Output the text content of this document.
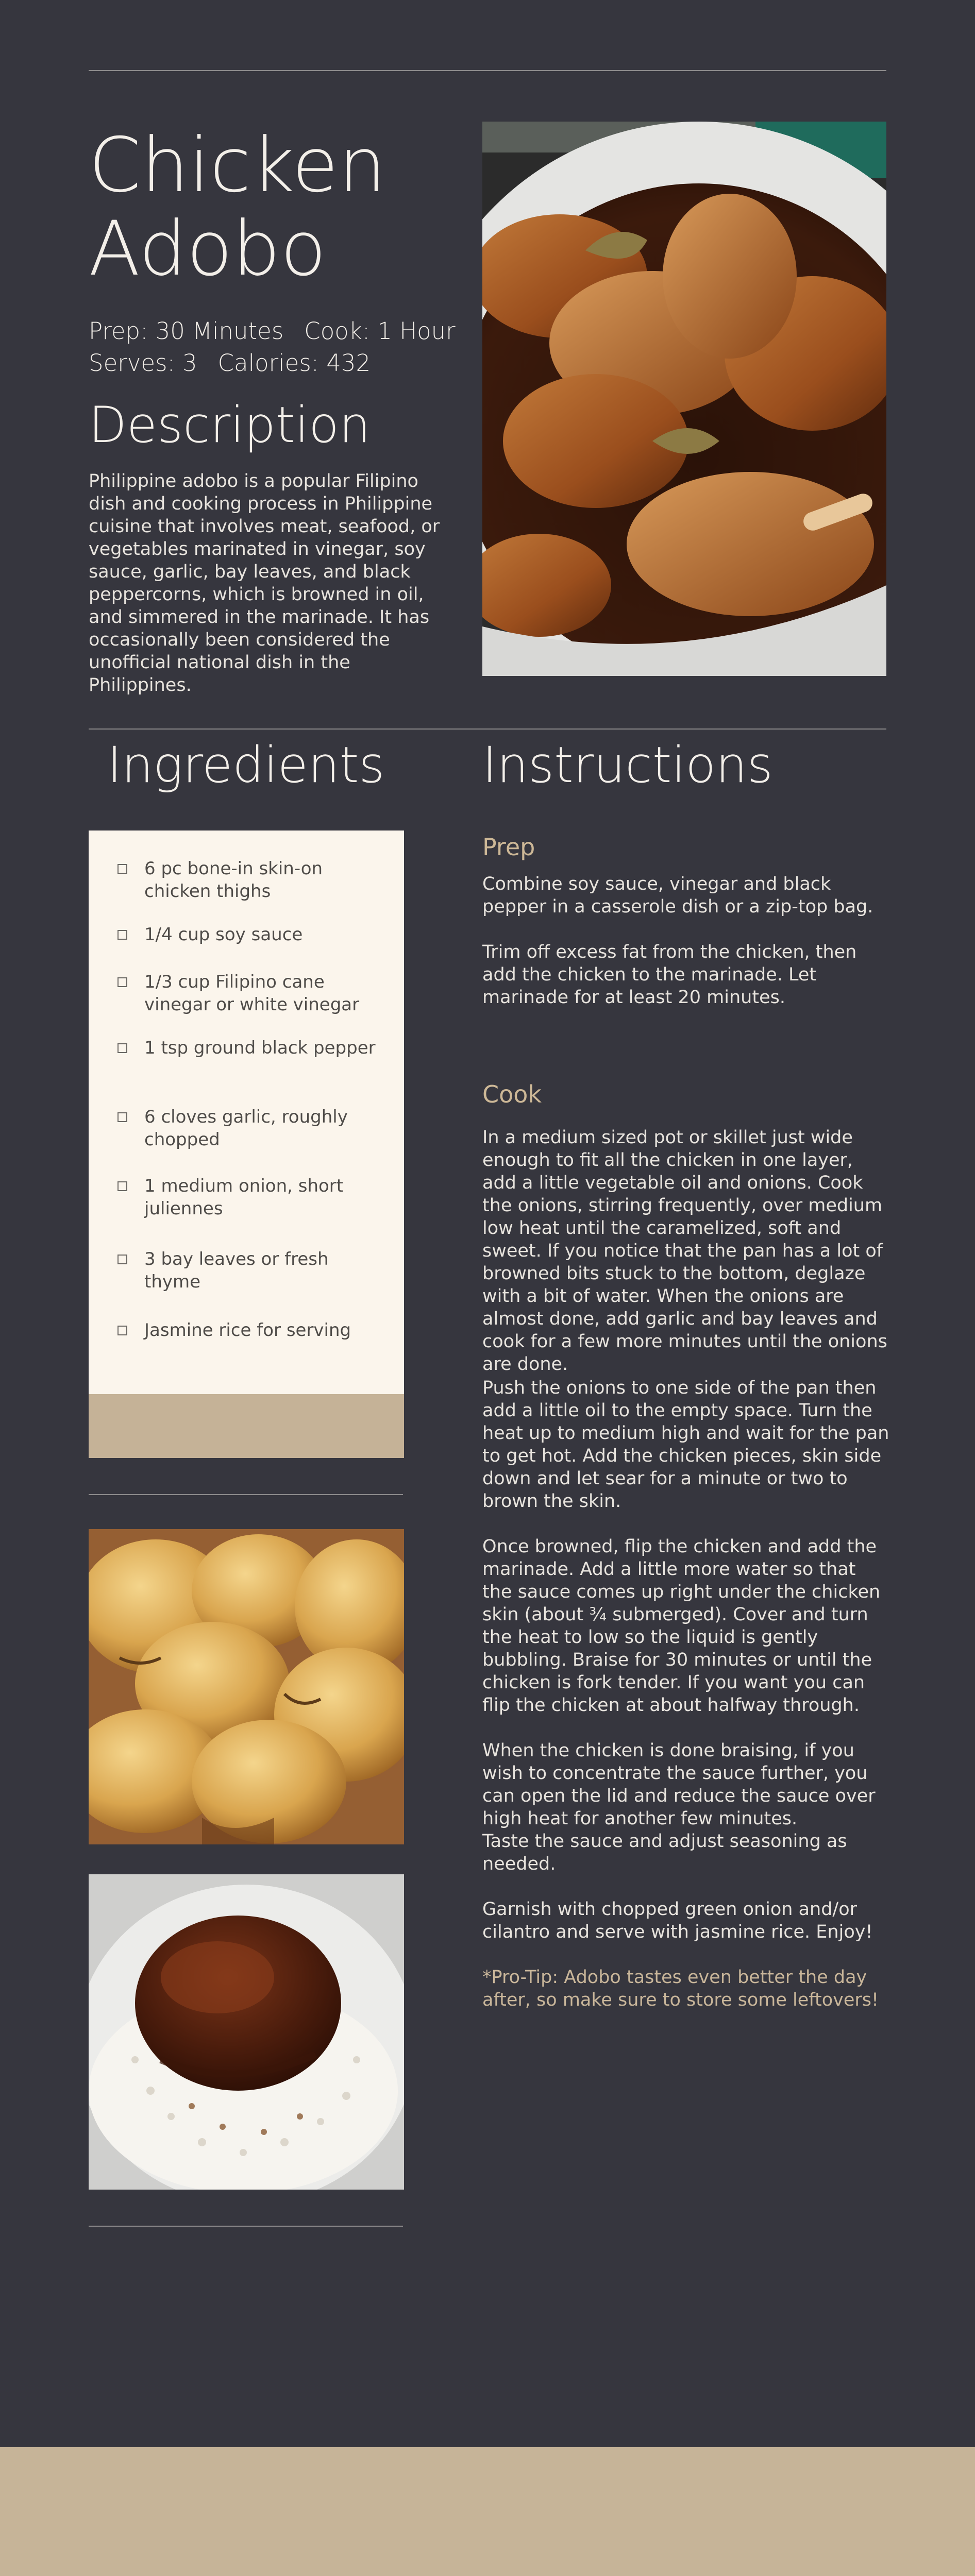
Chicken
Adobo
Prep: 30 Minutes Cook: 1 Hour
Serves: 3 Calories: 432
Description
Philippine adobo is a popular Filipino dish and cooking process in Philippine cuisine that involves meat, seafood, or vegetables marinated in vinegar, soy sauce, garlic, bay leaves, and black peppercorns, which is browned in oil, and simmered in the marinade. It has occasionally been considered the unofficial national dish in the Philippines.
Ingredients Instructions
6 pc bone-in skin-on chicken thighs
1/4 cup soy sauce
1/3 cup Filipino cane vinegar or white vinegar
1 tsp ground black pepper
6 cloves garlic, roughly chopped
1 medium onion, short juliennes
3 bay leaves or fresh thyme
Jasmine rice for serving
Prep
Combine soy sauce, vinegar and black pepper in a casserole dish or a zip-top bag.
Trim off excess fat from the chicken, then add the chicken to the marinade. Let marinade for at least 20 minutes.
Cook
In a medium sized pot or skillet just wide enough to fit all the chicken in one layer, add a little vegetable oil and onions. Cook the onions, stirring frequently, over medium low heat until the caramelized, soft and sweet. If you notice that the pan has a lot of browned bits stuck to the bottom, deglaze with a bit of water. When the onions are almost done, add garlic and bay leaves and cook for a few more minutes until the onions are done.
Push the onions to one side of the pan then add a little oil to the empty space. Turn the heat up to medium high and wait for the pan to get hot. Add the chicken pieces, skin side down and let sear for a minute or two to brown the skin.
Once browned, flip the chicken and add the marinade. Add a little more water so that the sauce comes up right under the chicken skin (about ¾ submerged). Cover and turn the heat to low so the liquid is gently bubbling. Braise for 30 minutes or until the chicken is fork tender. If you want you can flip the chicken at about halfway through.
When the chicken is done braising, if you wish to concentrate the sauce further, you can open the lid and reduce the sauce over high heat for another few minutes.
Taste the sauce and adjust seasoning as needed.
Garnish with chopped green onion and/or cilantro and serve with jasmine rice. Enjoy!
*Pro-Tip: Adobo tastes even better the day after, so make sure to store some leftovers!
